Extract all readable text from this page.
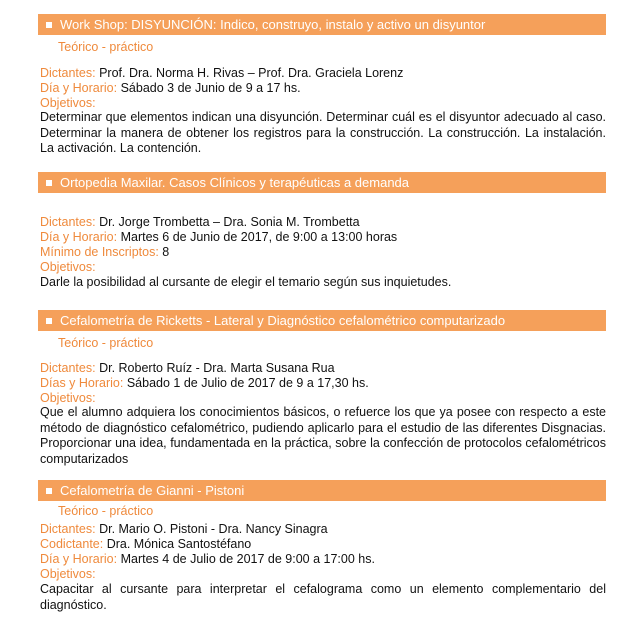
Work Shop: DISYUNCIÓN: Indico, construyo, instalo y activo un disyuntor
Teórico - práctico
Dictantes: Prof. Dra. Norma H. Rivas – Prof. Dra. Graciela Lorenz
Día y Horario: Sábado 3 de Junio de 9 a 17 hs.
Objetivos:
Determinar que elementos indican una disyunción. Determinar cuál es el disyuntor adecuado al caso. Determinar la manera de obtener los registros para la construcción. La construcción. La instalación. La activación. La contención.
Ortopedia Maxilar. Casos Clínicos y terapéuticas a demanda
Dictantes: Dr. Jorge Trombetta – Dra. Sonia M. Trombetta
Día y Horario: Martes 6 de Junio de 2017, de 9:00 a 13:00 horas
Mínimo de Inscriptos: 8
Objetivos:
Darle la posibilidad al cursante de elegir el temario según sus inquietudes.
Cefalometría de Ricketts - Lateral y Diagnóstico cefalométrico computarizado
Teórico - práctico
Dictantes: Dr. Roberto Ruíz - Dra. Marta Susana Rua
Días y Horario: Sábado 1 de Julio de 2017 de 9 a 17,30 hs.
Objetivos:
Que el alumno adquiera los conocimientos básicos, o refuerce los que ya posee con respecto a este método de diagnóstico cefalométrico, pudiendo aplicarlo para el estudio de las diferentes Disgnacias. Proporcionar una idea, fundamentada en la práctica, sobre la confección de protocolos cefalométricos computarizados
Cefalometría de Gianni - Pistoni
Teórico - práctico
Dictantes: Dr. Mario O. Pistoni - Dra. Nancy Sinagra
Codictante: Dra. Mónica Santostéfano
Día y Horario: Martes 4 de Julio de 2017 de 9:00 a 17:00 hs.
Objetivos:
Capacitar al cursante para interpretar el cefalograma como un elemento complementario del diagnóstico.
